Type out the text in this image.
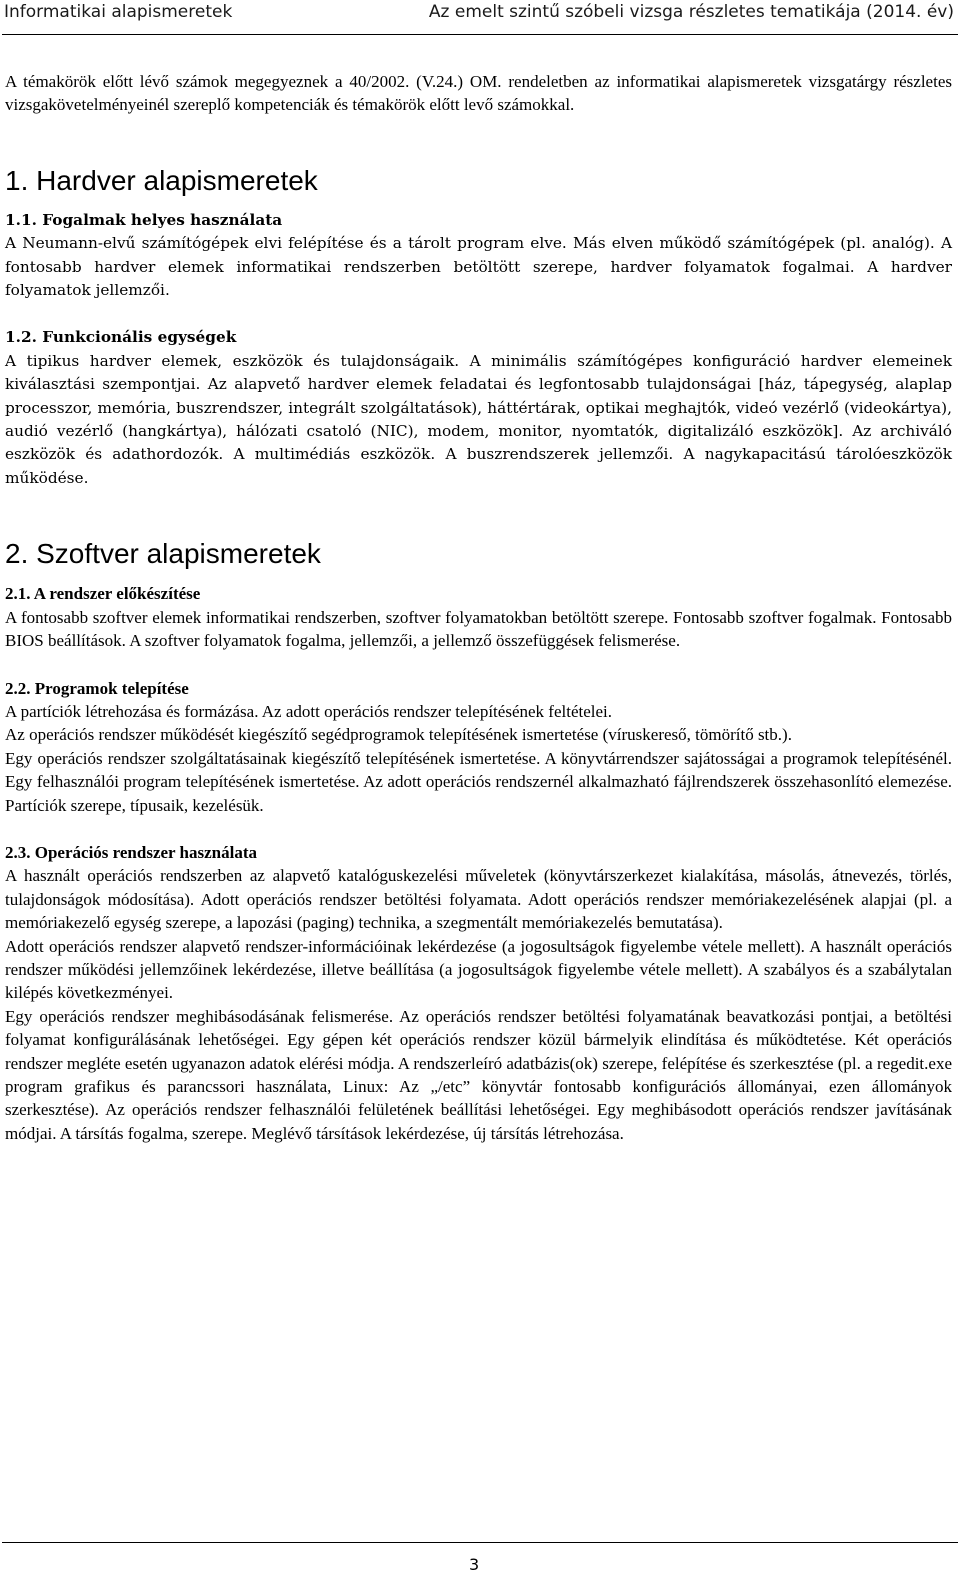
Informatikai alapismeretek	Az emelt szintű szóbeli vizsga részletes tematikája (2014. év)

A témakörök előtt lévő számok megegyeznek a 40/2002. (V.24.) OM. rendeletben az informatikai alapismeretek vizsgatárgy részletes vizsgakövetelményeinél szereplő kompetenciák és témakörök előtt levő számokkal.

1. Hardver alapismeretek
1.1. Fogalmak helyes használata

A Neumann-elvű számítógépek elvi felépítése és a tárolt program elve. Más elven működő számítógépek (pl. analóg). A fontosabb hardver elemek informatikai rendszerben betöltött szerepe, hardver folyamatok fogalmai. A hardver folyamatok jellemzői.

1.2. Funkcionális egységek

A tipikus hardver elemek, eszközök és tulajdonságaik. A minimális számítógépes konfiguráció hardver elemeinek kiválasztási szempontjai. Az alapvető hardver elemek feladatai és legfontosabb tulajdonságai [ház, tápegység, alaplap processzor, memória, buszrendszer, integrált szolgáltatások), háttértárak, optikai meghajtók, videó vezérlő (videokártya), audió vezérlő (hangkártya), hálózati csatoló (NIC), modem, monitor, nyomtatók, digitalizáló eszközök]. Az archiváló eszközök és adathordozók. A multimédiás eszközök. A buszrendszerek jellemzői. A nagykapacitású tárolóeszközök működése.

2. Szoftver alapismeretek
2.1. A rendszer előkészítése

A fontosabb szoftver elemek informatikai rendszerben, szoftver folyamatokban betöltött szerepe. Fontosabb szoftver fogalmak. Fontosabb BIOS beállítások. A szoftver folyamatok fogalma, jellemzői, a jellemző összefüggések felismerése.

2.2. Programok telepítése

A partíciók létrehozása és formázása. Az adott operációs rendszer telepítésének feltételei.

Az operációs rendszer működését kiegészítő segédprogramok telepítésének ismertetése (víruskereső, tömörítő stb.).

Egy operációs rendszer szolgáltatásainak kiegészítő telepítésének ismertetése. A könyvtárrendszer sajátosságai a programok telepítésénél. Egy felhasználói program telepítésének ismertetése. Az adott operációs rendszernél alkalmazható fájlrendszerek összehasonlító elemezése. Partíciók szerepe, típusaik, kezelésük.

2.3. Operációs rendszer használata

A használt operációs rendszerben az alapvető katalóguskezelési műveletek (könyvtárszerkezet kialakítása, másolás, átnevezés, törlés, tulajdonságok módosítása). Adott operációs rendszer betöltési folyamata. Adott operációs rendszer memóriakezelésének alapjai (pl. a memóriakezelő egység szerepe, a lapozási (paging) technika, a szegmentált memóriakezelés bemutatása).

Adott operációs rendszer alapvető rendszer-információinak lekérdezése (a jogosultságok figyelembe vétele mellett). A használt operációs rendszer működési jellemzőinek lekérdezése, illetve beállítása (a jogosultságok figyelembe vétele mellett). A szabályos és a szabálytalan kilépés következményei.

Egy operációs rendszer meghibásodásának felismerése. Az operációs rendszer betöltési folyamatának beavatkozási pontjai, a betöltési folyamat konfigurálásának lehetőségei. Egy gépen két operációs rendszer közül bármelyik elindítása és működtetése. Két operációs rendszer megléte esetén ugyanazon adatok elérési módja. A rendszerleíró adatbázis(ok) szerepe, felépítése és szerkesztése (pl. a regedit.exe program grafikus és parancssori használata, Linux: Az „/etc” könyvtár fontosabb konfigurációs állományai, ezen állományok szerkesztése). Az operációs rendszer felhasználói felületének beállítási lehetőségei. Egy meghibásodott operációs rendszer javításának módjai. A társítás fogalma, szerepe. Meglévő társítások lekérdezése, új társítás létrehozása.

3
